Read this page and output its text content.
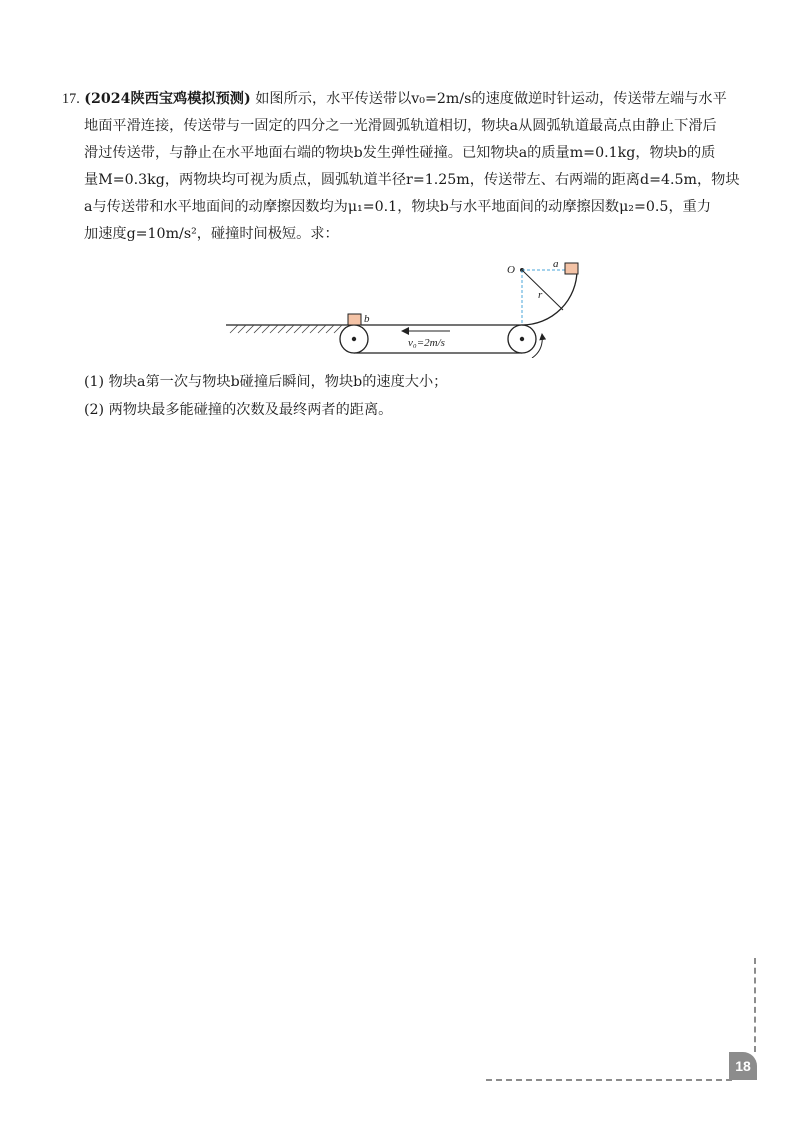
17. (2024陕西宝鸡模拟预测) 如图所示，水平传送带以v₀=2m/s的速度做逆时针运动，传送带左端与水平
地面平滑连接，传送带与一固定的四分之一光滑圆弧轨道相切，物块a从圆弧轨道最高点由静止下滑后
滑过传送带，与静止在水平地面右端的物块b发生弹性碰撞。已知物块a的质量m=0.1kg，物块b的质
量M=0.3kg，两物块均可视为质点，圆弧轨道半径r=1.25m，传送带左、右两端的距离d=4.5m，物块
a与传送带和水平地面间的动摩擦因数均为μ₁=0.1，物块b与水平地面间的动摩擦因数μ₂=0.5，重力
加速度g=10m/s²，碰撞时间极短。求：
v₀=2m/s
b
O
r
a
(1) 物块a第一次与物块b碰撞后瞬间，物块b的速度大小；
(2) 两物块最多能碰撞的次数及最终两者的距离。
18
